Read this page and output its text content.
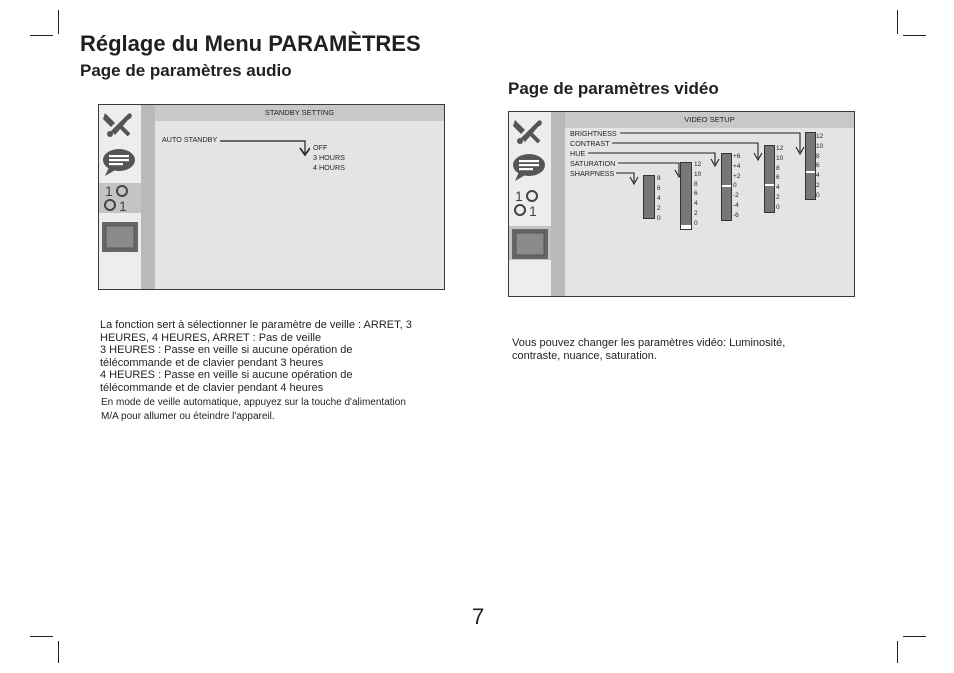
Réglage du Menu PARAMÈTRES
Page de paramètres audio
Page de paramètres vidéo
STANDBY SETTING
1
1
AUTO STANDBY
OFF
3 HOURS
4 HOURS
VIDEO SETUP
1
1
BRIGHTNESS
CONTRAST
HUE
SATURATION
SHARPNESS
8
6
4
2
0
12
10
8
6
4
2
0
+6
+4
+2
0
-2
-4
-6
12
10
8
6
4
2
0
12
10
8
6
4
2
0
La fonction sert à sélectionner le paramètre de veille : ARRET, 3
HEURES, 4 HEURES, ARRET : Pas de veille
3 HEURES : Passe en veille si aucune opération de
télécommande et de clavier pendant 3 heures
4 HEURES : Passe en veille si aucune opération de
télécommande et de clavier pendant 4 heures
En mode de veille automatique, appuyez sur la touche d'alimentation
M/A pour allumer ou éteindre l'appareil.
Vous pouvez changer les paramètres vidéo: Luminosité,
contraste, nuance, saturation.
7
